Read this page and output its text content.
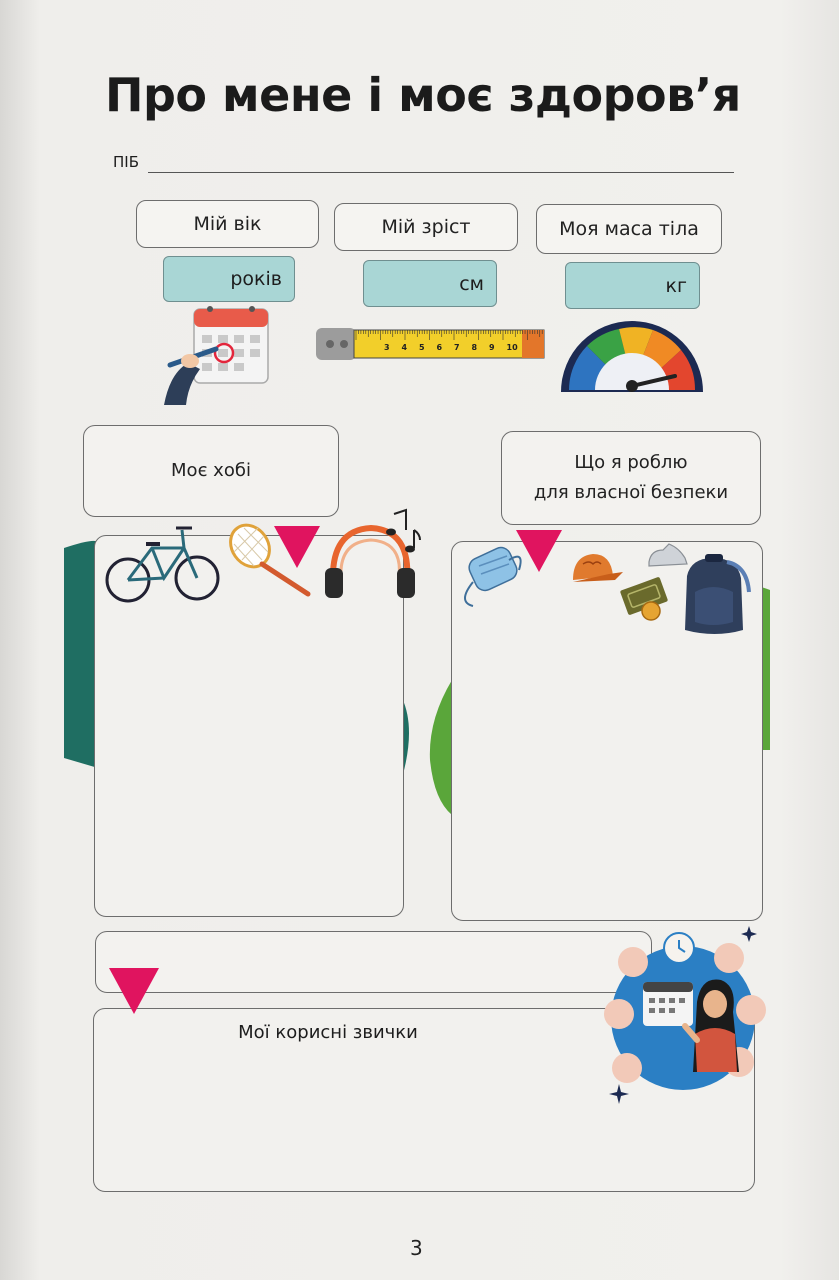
Про мене і моє здоров’я
ПІБ
Мій вік	Мій зріст	Моя маса тіла
років	см	кг
3 4 5 6 7 8 9 10
Моє хобі	Що я роблю
для власної безпеки
Мої корисні звички
3
